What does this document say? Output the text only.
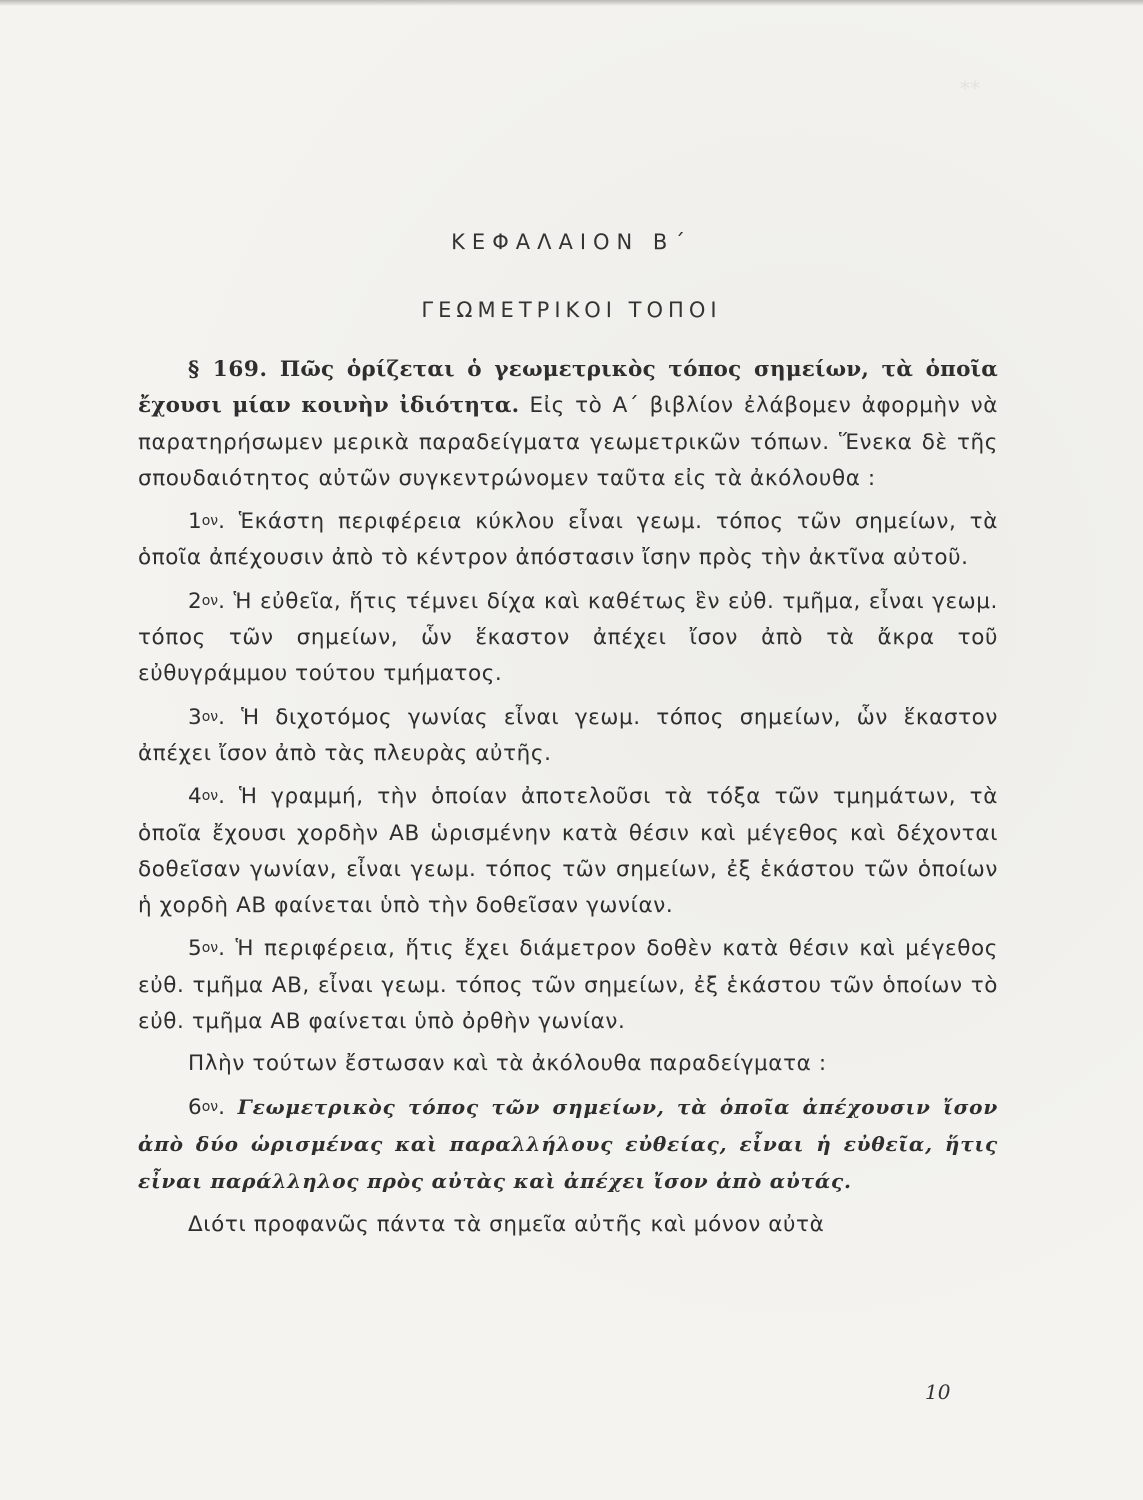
⁎⁎
ΚΕΦΑΛΑΙΟΝ Β΄
ΓΕΩΜΕΤΡΙΚΟΙ ΤΟΠΟΙ

§ 169. Πῶς ὁρίζεται ὁ γεωμετρικὸς τόπος σημείων, τὰ ὁποῖα ἔχουσι μίαν κοινὴν ἰδιότητα. Εἰς τὸ Α΄ βιβλίον ἐλάβομεν ἀφορμὴν νὰ παρατηρήσωμεν μερικὰ παραδείγματα γεωμετρικῶν τόπων. Ἕνεκα δὲ τῆς σπουδαιότητος αὐτῶν συγκεντρώνομεν ταῦτα εἰς τὰ ἀκόλουθα :

$1^{o\nu}$. Ἑκάστη περιφέρεια κύκλου εἶναι γεωμ. τόπος τῶν σημείων, τὰ ὁποῖα ἀπέχουσιν ἀπὸ τὸ κέντρον ἀπόστασιν ἴσην πρὸς τὴν ἀκτῖνα αὐτοῦ.

$2^{o\nu}$. Ἡ εὐθεῖα, ἥτις τέμνει δίχα καὶ καθέτως ἓν εὐθ. τμῆμα, εἶναι γεωμ. τόπος τῶν σημείων, ὧν ἕκαστον ἀπέχει ἴσον ἀπὸ τὰ ἄκρα τοῦ εὐθυγράμμου τούτου τμήματος.

$3^{o\nu}$. Ἡ διχοτόμος γωνίας εἶναι γεωμ. τόπος σημείων, ὧν ἕκαστον ἀπέχει ἴσον ἀπὸ τὰς πλευρὰς αὐτῆς.

$4^{o\nu}$. Ἡ γραμμή, τὴν ὁποίαν ἀποτελοῦσι τὰ τόξα τῶν τμημάτων, τὰ ὁποῖα ἔχουσι χορδὴν ΑΒ ὡρισμένην κατὰ θέσιν καὶ μέγεθος καὶ δέχονται δοθεῖσαν γωνίαν, εἶναι γεωμ. τόπος τῶν σημείων, ἐξ ἑκάστου τῶν ὁποίων ἡ χορδὴ ΑΒ φαίνεται ὑπὸ τὴν δοθεῖσαν γωνίαν.

$5^{o\nu}$. Ἡ περιφέρεια, ἥτις ἔχει διάμετρον δοθὲν κατὰ θέσιν καὶ μέγεθος εὐθ. τμῆμα ΑΒ, εἶναι γεωμ. τόπος τῶν σημείων, ἐξ ἑκάστου τῶν ὁποίων τὸ εὐθ. τμῆμα ΑΒ φαίνεται ὑπὸ ὀρθὴν γωνίαν.

Πλὴν τούτων ἔστωσαν καὶ τὰ ἀκόλουθα παραδείγματα :

$6^{o\nu}$. Γεωμετρικὸς τόπος τῶν σημείων, τὰ ὁποῖα ἀπέχουσιν ἴσον ἀπὸ δύο ὡρισμένας καὶ παραλλήλους εὐθείας, εἶναι ἡ εὐθεῖα, ἥτις εἶναι παράλληλος πρὸς αὐτὰς καὶ ἀπέχει ἴσον ἀπὸ αὐτάς.

Διότι προφανῶς πάντα τὰ σημεῖα αὐτῆς καὶ μόνον αὐτὰ

10
